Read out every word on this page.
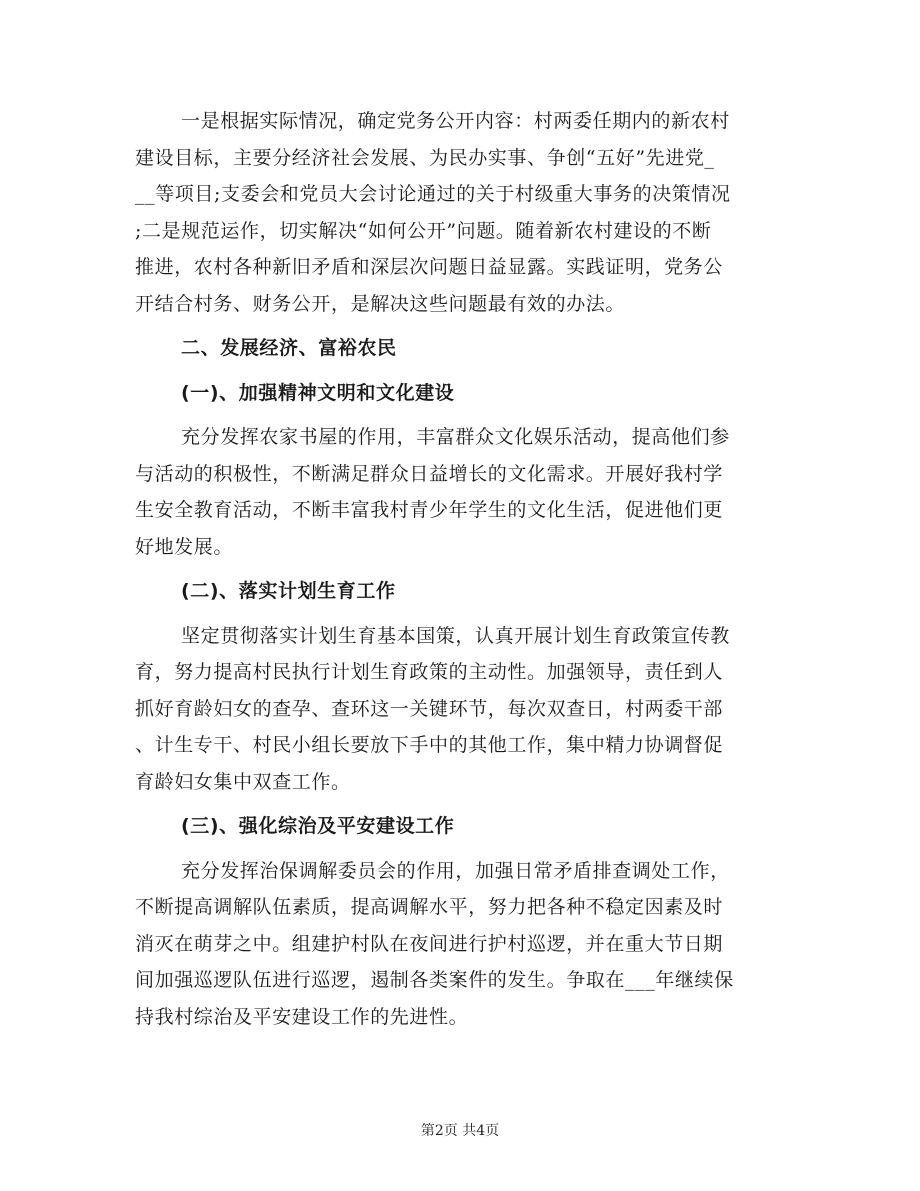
一是根据实际情况，确定党务公开内容：村两委任期内的新农村
建设目标，主要分经济社会发展、为民办实事、争创“五好”先进党_
__等项目;支委会和党员大会讨论通过的关于村级重大事务的决策情况
;二是规范运作，切实解决“如何公开”问题。随着新农村建设的不断
推进，农村各种新旧矛盾和深层次问题日益显露。实践证明，党务公
开结合村务、财务公开，是解决这些问题最有效的办法。
二、发展经济、富裕农民
(一)、加强精神文明和文化建设
充分发挥农家书屋的作用，丰富群众文化娱乐活动，提高他们参
与活动的积极性，不断满足群众日益增长的文化需求。开展好我村学
生安全教育活动，不断丰富我村青少年学生的文化生活，促进他们更
好地发展。
(二)、落实计划生育工作
坚定贯彻落实计划生育基本国策，认真开展计划生育政策宣传教
育，努力提高村民执行计划生育政策的主动性。加强领导，责任到人
抓好育龄妇女的查孕、查环这一关键环节，每次双查日，村两委干部
、计生专干、村民小组长要放下手中的其他工作，集中精力协调督促
育龄妇女集中双查工作。
(三)、强化综治及平安建设工作
充分发挥治保调解委员会的作用，加强日常矛盾排查调处工作，
不断提高调解队伍素质，提高调解水平，努力把各种不稳定因素及时
消灭在萌芽之中。组建护村队在夜间进行护村巡逻，并在重大节日期
间加强巡逻队伍进行巡逻，遏制各类案件的发生。争取在___年继续保
持我村综治及平安建设工作的先进性。
第2页 共4页
